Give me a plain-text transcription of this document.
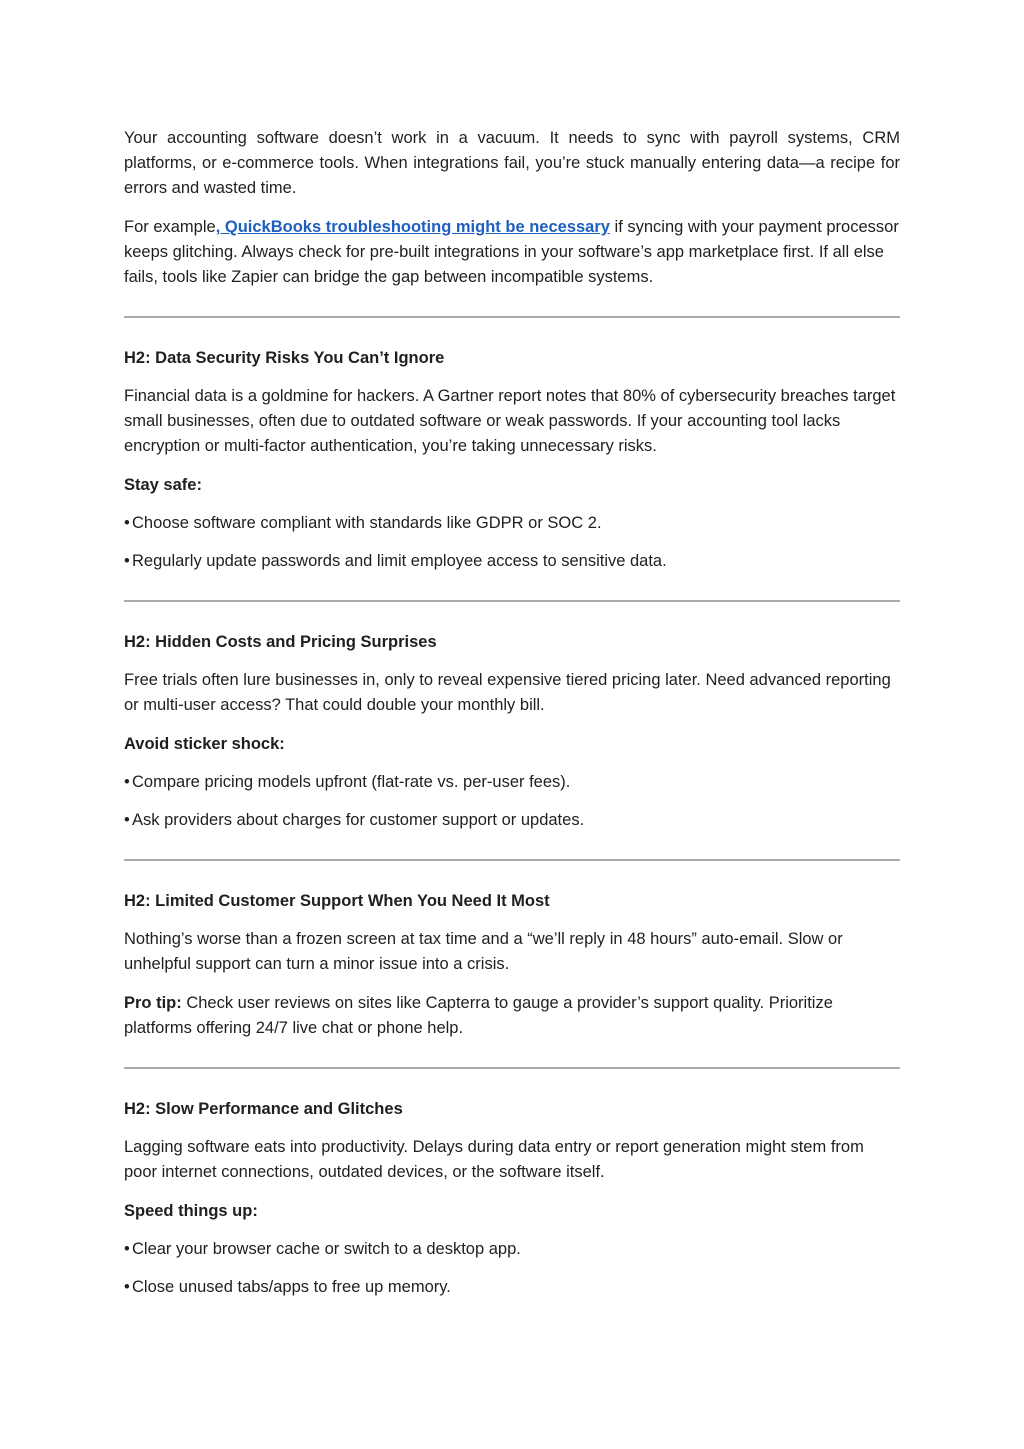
Your accounting software doesn’t work in a vacuum. It needs to sync with payroll systems, CRM platforms, or e-commerce tools. When integrations fail, you’re stuck manually entering data—a recipe for errors and wasted time.

For example, QuickBooks troubleshooting might be necessary if syncing with your payment processor keeps glitching. Always check for pre-built integrations in your software’s app marketplace first. If all else fails, tools like Zapier can bridge the gap between incompatible systems.

H2: Data Security Risks You Can’t Ignore

Financial data is a goldmine for hackers. A Gartner report notes that 80% of cybersecurity breaches target small businesses, often due to outdated software or weak passwords. If your accounting tool lacks encryption or multi-factor authentication, you’re taking unnecessary risks.

Stay safe:

• Choose software compliant with standards like GDPR or SOC 2.

• Regularly update passwords and limit employee access to sensitive data.

H2: Hidden Costs and Pricing Surprises

Free trials often lure businesses in, only to reveal expensive tiered pricing later. Need advanced reporting or multi-user access? That could double your monthly bill.

Avoid sticker shock:

• Compare pricing models upfront (flat-rate vs. per-user fees).

• Ask providers about charges for customer support or updates.

H2: Limited Customer Support When You Need It Most

Nothing’s worse than a frozen screen at tax time and a “we’ll reply in 48 hours” auto-email. Slow or unhelpful support can turn a minor issue into a crisis.

Pro tip: Check user reviews on sites like Capterra to gauge a provider’s support quality. Prioritize platforms offering 24/7 live chat or phone help.

H2: Slow Performance and Glitches

Lagging software eats into productivity. Delays during data entry or report generation might stem from poor internet connections, outdated devices, or the software itself.

Speed things up:

• Clear your browser cache or switch to a desktop app.

• Close unused tabs/apps to free up memory.
